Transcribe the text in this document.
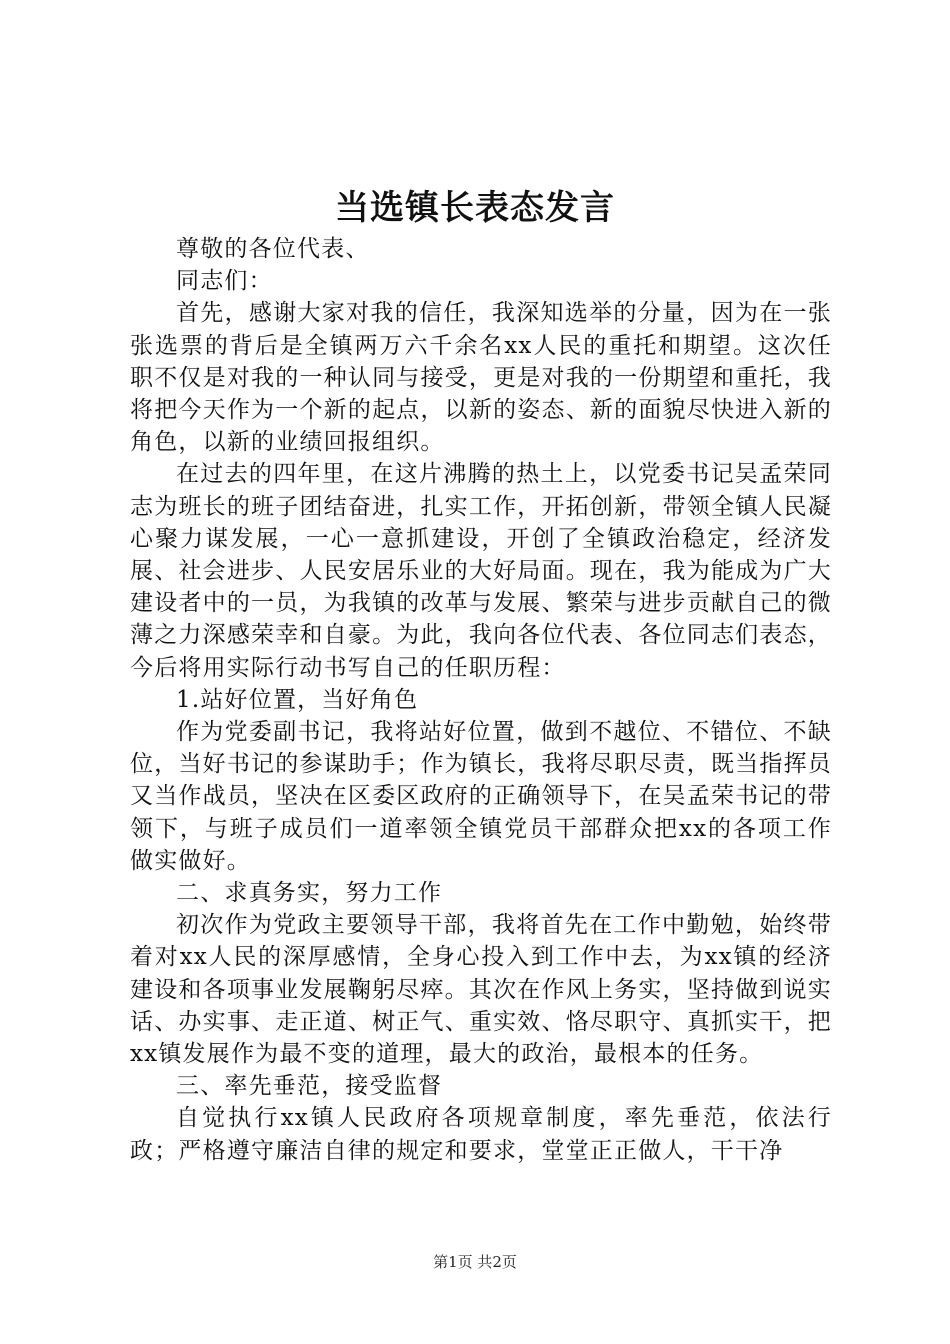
当选镇长表态发言

尊敬的各位代表、

同志们：

首先，感谢大家对我的信任，我深知选举的分量，因为在一张张选票的背后是全镇两万六千余名xx人民的重托和期望。这次任职不仅是对我的一种认同与接受，更是对我的一份期望和重托，我将把今天作为一个新的起点，以新的姿态、新的面貌尽快进入新的角色，以新的业绩回报组织。

在过去的四年里，在这片沸腾的热土上，以党委书记吴孟荣同志为班长的班子团结奋进，扎实工作，开拓创新，带领全镇人民凝心聚力谋发展，一心一意抓建设，开创了全镇政治稳定，经济发展、社会进步、人民安居乐业的大好局面。现在，我为能成为广大建设者中的一员，为我镇的改革与发展、繁荣与进步贡献自己的微薄之力深感荣幸和自豪。为此，我向各位代表、各位同志们表态，今后将用实际行动书写自己的任职历程：

1.站好位置，当好角色

作为党委副书记，我将站好位置，做到不越位、不错位、不缺位，当好书记的参谋助手；作为镇长，我将尽职尽责，既当指挥员又当作战员，坚决在区委区政府的正确领导下，在吴孟荣书记的带领下，与班子成员们一道率领全镇党员干部群众把xx的各项工作做实做好。

二、求真务实，努力工作

初次作为党政主要领导干部，我将首先在工作中勤勉，始终带着对xx人民的深厚感情，全身心投入到工作中去，为xx镇的经济建设和各项事业发展鞠躬尽瘁。其次在作风上务实，坚持做到说实话、办实事、走正道、树正气、重实效、恪尽职守、真抓实干，把xx镇发展作为最不变的道理，最大的政治，最根本的任务。

三、率先垂范，接受监督

自觉执行xx镇人民政府各项规章制度，率先垂范，依法行政；严格遵守廉洁自律的规定和要求，堂堂正正做人，干干净

第1页 共2页
